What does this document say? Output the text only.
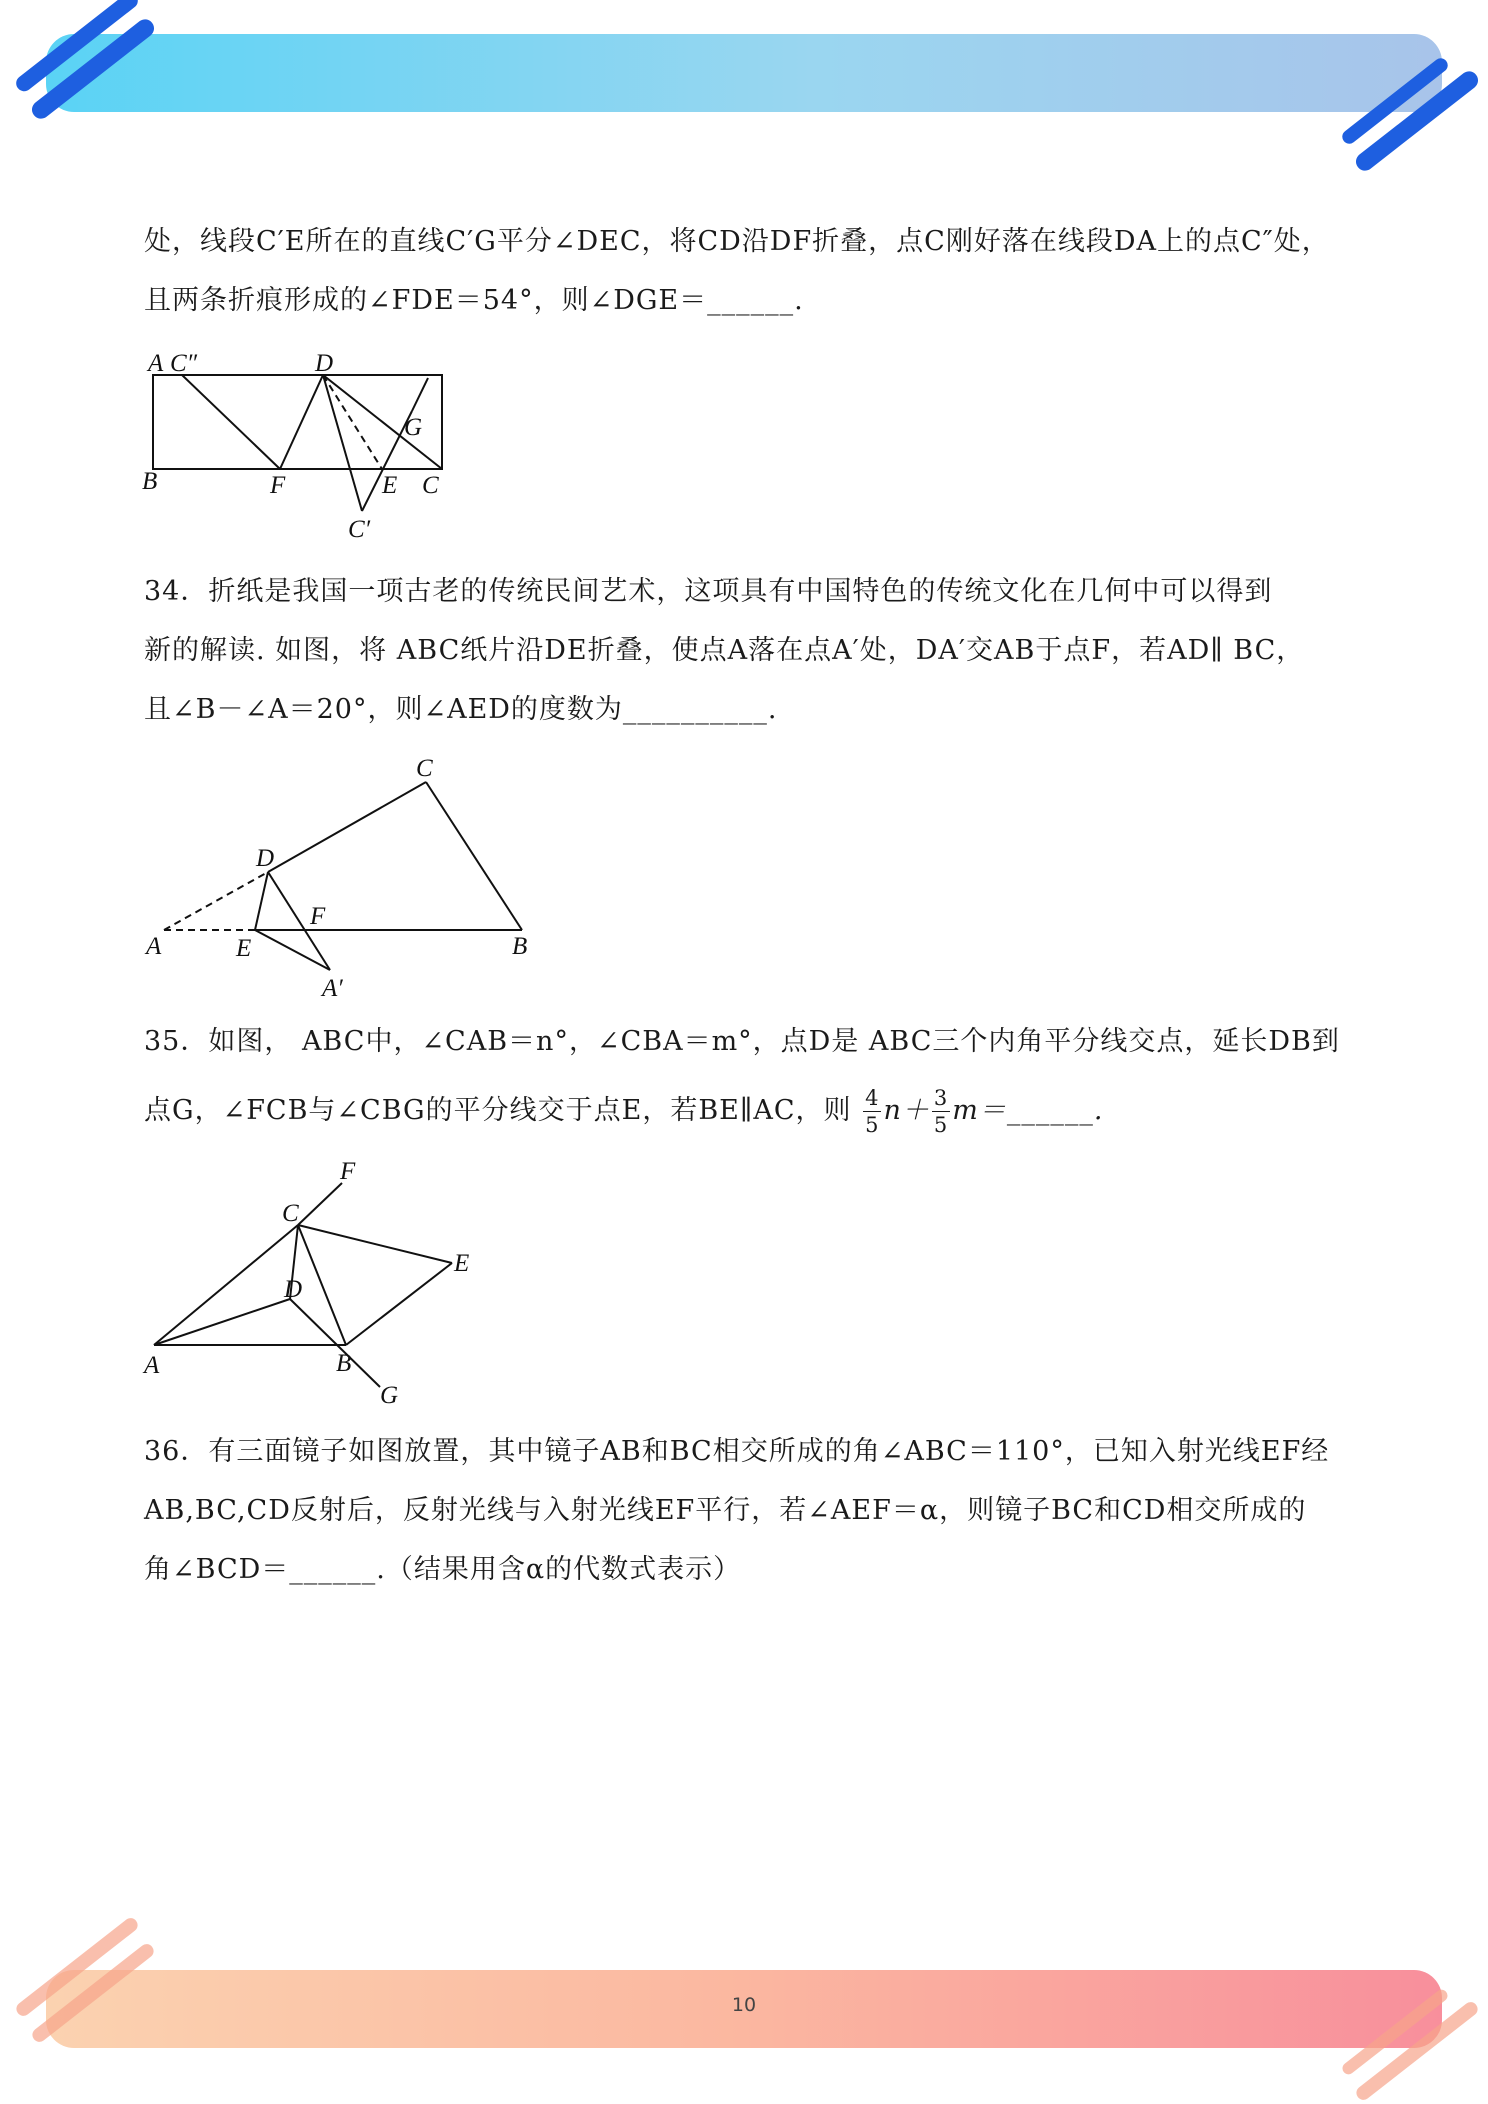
10
处，线段C′E所在的直线C′G平分∠DEC，将CD沿DF折叠，点C刚好落在线段DA上的点C″处，
且两条折痕形成的∠FDE＝54°，则∠DGE＝______.
A C″	D
G
B	F	E C
C′
34．折纸是我国一项古老的传统民间艺术，这项具有中国特色的传统文化在几何中可以得到
新的解读. 如图，将 ABC纸片沿DE折叠，使点A落在点A′处，DA′交AB于点F，若AD∥ BC，
且∠B－∠A＝20°，则∠AED的度数为__________.
C
D
F
A	E	B
A′
35．如图， ABC中，∠CAB＝n°，∠CBA＝m°，点D是 ABC三个内角平分线交点，延长DB到
点G，∠FCB与∠CBG的平分线交于点E，若BE∥AC，则 $\frac{4}{5} n+ \frac{3}{5}$ m＝______.
F
C
E
D
A	B
G
36．有三面镜子如图放置，其中镜子AB和BC相交所成的角∠ABC＝110°，已知入射光线EF经
AB,BC,CD反射后，反射光线与入射光线EF平行，若∠AEF＝α，则镜子BC和CD相交所成的
角∠BCD＝______.（结果用含α的代数式表示）
